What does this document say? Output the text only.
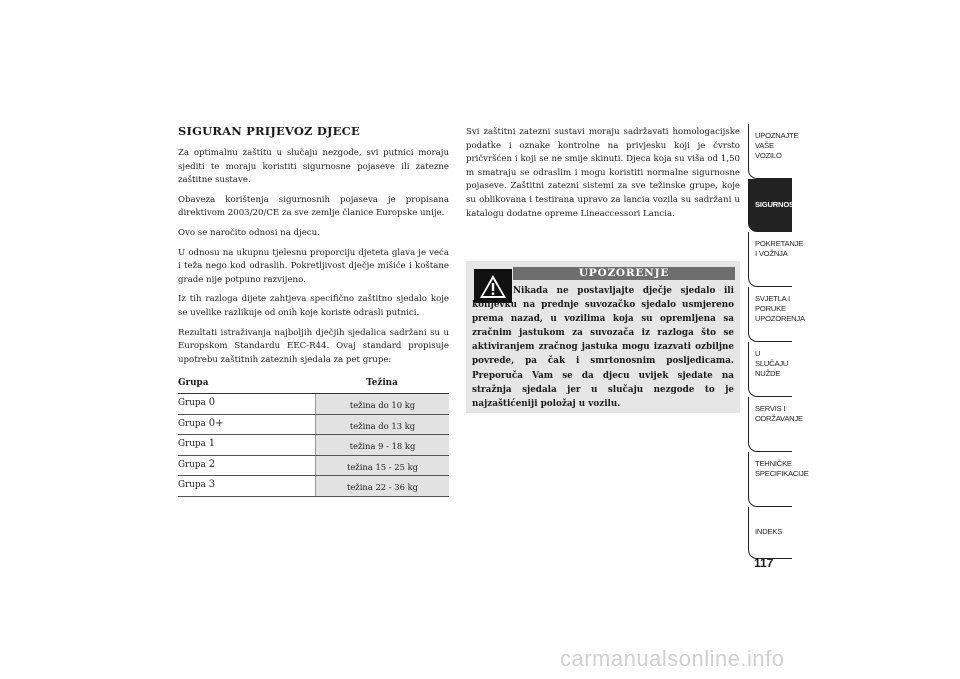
SIGURAN PRIJEVOZ DJECE

Za optimalnu zaštitu u slučaju nezgode, svi putnici moraju sjediti te moraju koristiti sigurnosne pojaseve ili zatezne zaštitne sustave.

Obaveza korištenja sigurnosnih pojaseva je propisana direktivom 2003/20/CE za sve zemlje članice Europske unije.

Ovo se naročito odnosi na djecu.

U odnosu na ukupnu tjelesnu proporciju djeteta glava je veća i teža nego kod odraslih. Pokretljivost dječje mišiće i koštane grade nije potpuno razvijeno.

Iz tih razloga dijete zahtjeva specifično zaštitno sjedalo koje se uvelike razlikuje od onih koje koriste odrasli putnici.

Rezultati istraživanja najboljih dječjih sjedalica sadržani su u Europskom Standardu EEC-R44. Ovaj standard propisuje upotrebu zaštitnih zateznih sjedala za pet grupe:

Grupa	Težina
Grupa 0	težina do 10 kg
Grupa 0+	težina do 13 kg
Grupa 1	težina 9 - 18 kg
Grupa 2	težina 15 - 25 kg
Grupa 3	težina 22 - 36 kg

Svi zaštitni zatezni sustavi moraju sadržavati homologacijske podatke i oznake kontrolne na privjesku koji je čvrsto pričvršćen i koji se ne smije skinuti. Djeca koja su viša od 1,50 m smatraju se odraslim i mogu koristiti normalne sigurnosne pojaseve. Zaštitni zatezni sistemi za sve težinske grupe, koje su oblikovana i testirana upravo za lancia vozila su sadržani u katalogu dodatne opreme Lineaccessori Lancia.

UPOZORENJE

Nikada ne postavljajte dječje sjedalo ili kolijevku na prednje suvozačko sjedalo usmjereno prema nazad, u vozilima koja su opremljena sa zračnim jastukom za suvozača iz razloga što se aktiviranjem zračnog jastuka mogu izazvati ozbiljne povrede, pa čak i smrtonosnim posljedicama. Preporuča Vam se da djecu uvijek sjedate na stražnja sjedala jer u slučaju nezgode to je najzaštićeniji položaj u vozilu.

UPOZNAJTE VAŠE VOZILO
SIGURNOST
POKRETANJE I VOŽNJA
SVJETLA I PORUKE UPOZORENJA
U SLUČAJU NUŽDE
SERVIS I ODRŽAVANJE
TEHNIČKE SPECIFIKACIJE
INDEKS
117
carmanualsonline.info
